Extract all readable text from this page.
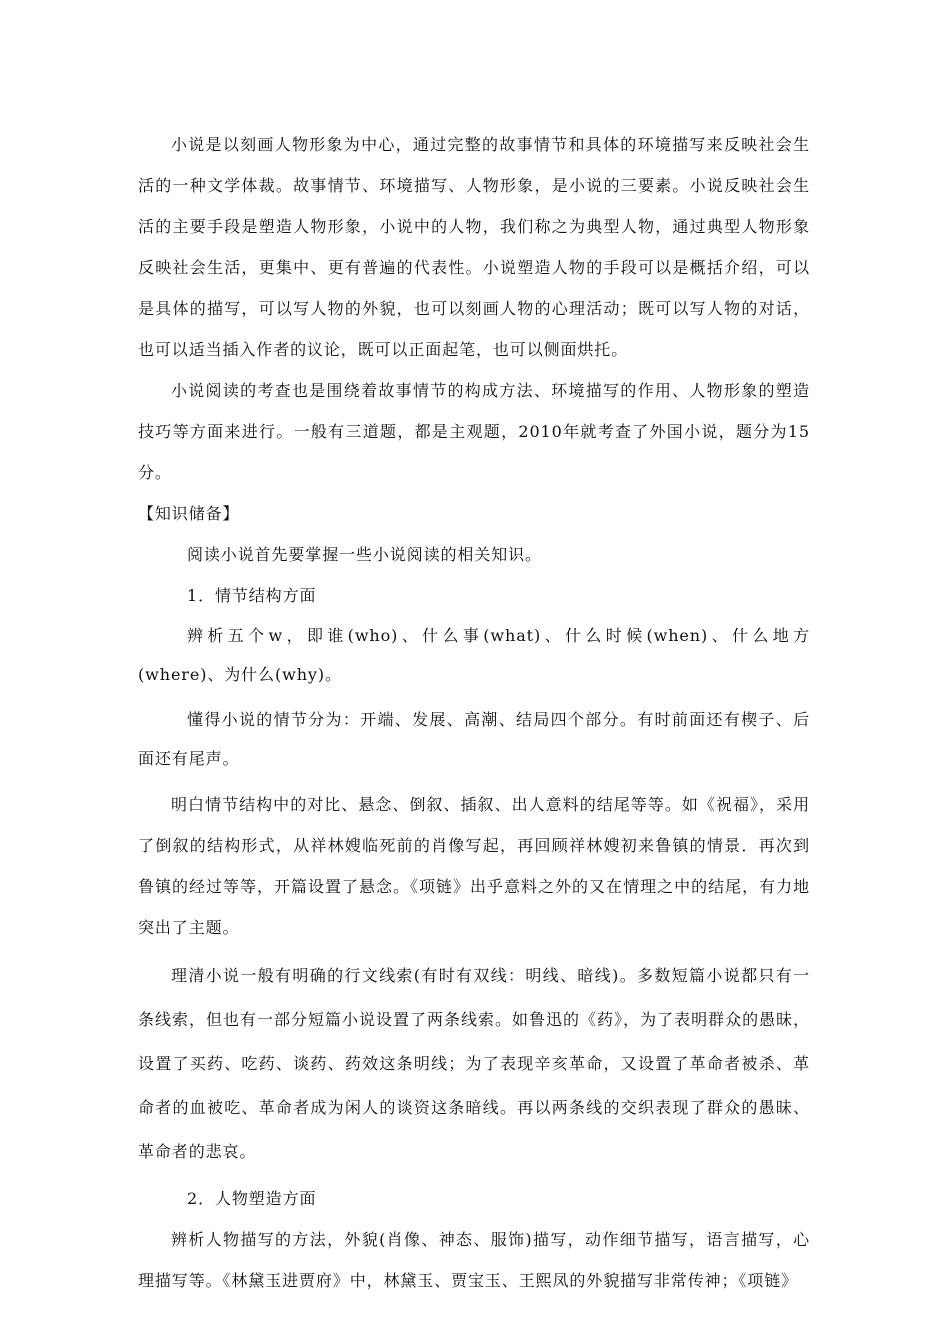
小说是以刻画人物形象为中心，通过完整的故事情节和具体的环境描写来反映社会生活的一种文学体裁。故事情节、环境描写、人物形象，是小说的三要素。小说反映社会生活的主要手段是塑造人物形象，小说中的人物，我们称之为典型人物，通过典型人物形象反映社会生活，更集中、更有普遍的代表性。小说塑造人物的手段可以是概括介绍，可以是具体的描写，可以写人物的外貌，也可以刻画人物的心理活动；既可以写人物的对话，也可以适当插入作者的议论，既可以正面起笔，也可以侧面烘托。

小说阅读的考查也是围绕着故事情节的构成方法、环境描写的作用、人物形象的塑造技巧等方面来进行。一般有三道题，都是主观题，2010年就考查了外国小说，题分为15分。

【知识储备】

阅读小说首先要掌握一些小说阅读的相关知识。

1．情节结构方面

辨析五个w，即谁(who)、什么事(what)、什么时候(when)、什么地方(where)、为什么(why)。

懂得小说的情节分为：开端、发展、高潮、结局四个部分。有时前面还有楔子、后面还有尾声。

明白情节结构中的对比、悬念、倒叙、插叙、出人意料的结尾等等。如《祝福》，采用了倒叙的结构形式，从祥林嫂临死前的肖像写起，再回顾祥林嫂初来鲁镇的情景．再次到鲁镇的经过等等，开篇设置了悬念。《项链》出乎意料之外的又在情理之中的结尾，有力地突出了主题。

理清小说一般有明确的行文线索(有时有双线：明线、暗线)。多数短篇小说都只有一条线索，但也有一部分短篇小说设置了两条线索。如鲁迅的《药》，为了表明群众的愚昧，设置了买药、吃药、谈药、药效这条明线；为了表现辛亥革命，又设置了革命者被杀、革命者的血被吃、革命者成为闲人的谈资这条暗线。再以两条线的交织表现了群众的愚昧、革命者的悲哀。

2．人物塑造方面

辨析人物描写的方法，外貌(肖像、神态、服饰)描写，动作细节描写，语言描写，心理描写等。《林黛玉进贾府》中，林黛玉、贾宝玉、王熙凤的外貌描写非常传神；《项链》
